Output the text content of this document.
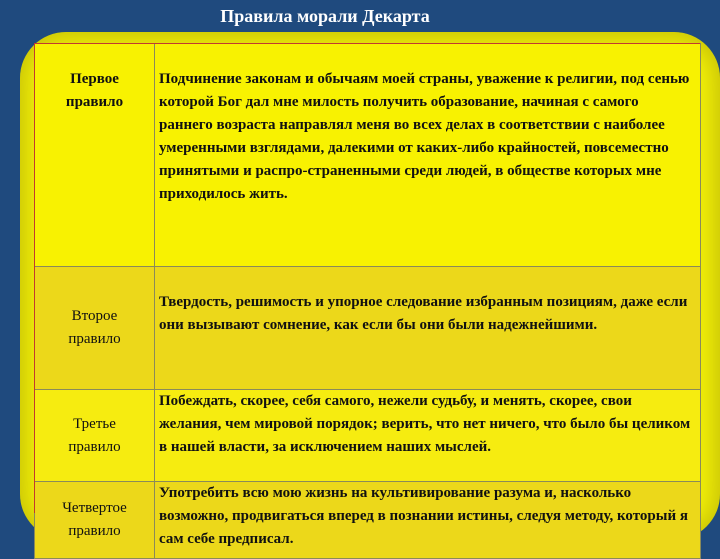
Правила морали Декарта
Первое
правило	Подчинение законам и обычаям моей страны, уважение к религии, под сенью которой Бог дал мне милость получить образование, начиная с самого раннего возраста направлял меня во всех делах в соответствии с наиболее умеренными взглядами, далекими от каких-либо крайностей, повсеместно принятыми и распро-страненными среди людей, в обществе которых мне приходилось жить.
Второе
правило	Твердость, решимость и упорное следование избранным позициям, даже если они вызывают сомнение, как если бы они были надежнейшими.
Третье
правило	Побеждать, скорее, себя самого, нежели судьбу, и менять, скорее, свои желания, чем мировой порядок; верить, что нет ничего, что было бы целиком в нашей власти, за исключением наших мыслей.
Четвертое
правило	Употребить всю мою жизнь на культивирование разума и, насколько возможно, продвигаться вперед в познании истины, следуя методу, который я сам себе предписал.
